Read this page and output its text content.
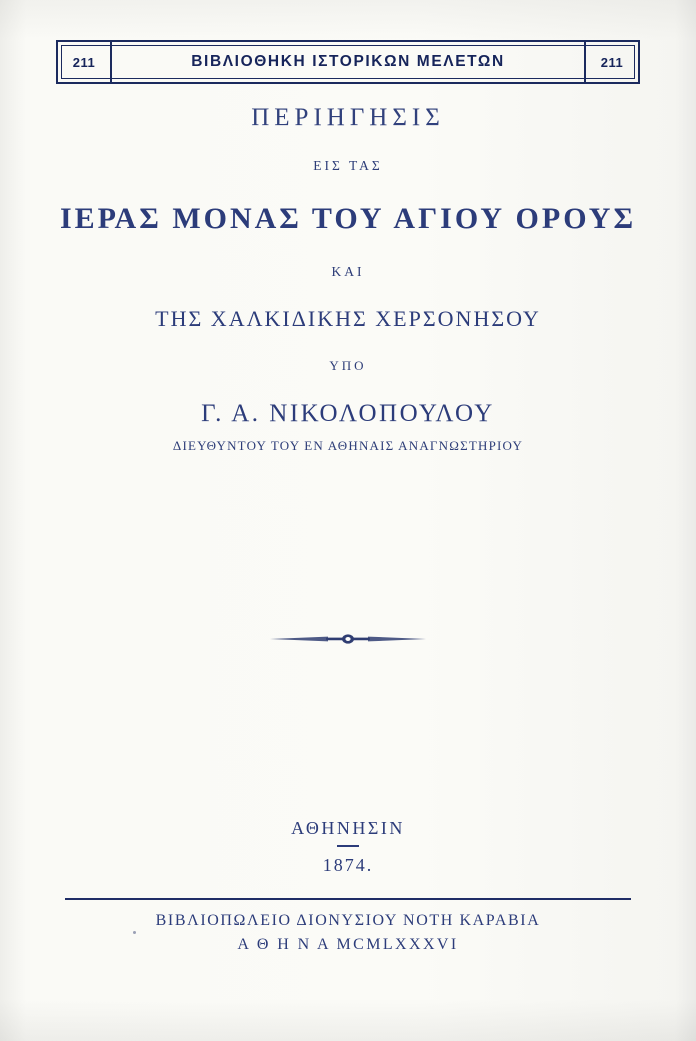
211	ΒΙΒΛΙΟΘΗΚΗ ΙΣΤΟΡΙΚΩΝ ΜΕΛΕΤΩΝ	211
ΠΕΡΙΗΓΗΣΙΣ
ΕΙΣ ΤΑΣ
ΙΕΡΑΣ ΜΟΝΑΣ ΤΟΥ ΑΓΙΟΥ ΟΡΟΥΣ
ΚΑΙ
ΤΗΣ ΧΑΛΚΙΔΙΚΗΣ ΧΕΡΣΟΝΗΣΟΥ
ΥΠΟ
Γ. Α. ΝΙΚΟΛΟΠΟΥΛΟΥ
ΔΙΕΥΘΥΝΤΟΥ ΤΟΥ ΕΝ ΑΘΗΝΑΙΣ ΑΝΑΓΝΩΣΤΗΡΙΟΥ
ΑΘΗΝΗΣΙΝ
1874.
ΒΙΒΛΙΟΠΩΛΕΙΟ ΔΙΟΝΥΣΙΟΥ ΝΟΤΗ ΚΑΡΑΒΙΑ
Α Θ Η Ν Α MCMLXXXVI
